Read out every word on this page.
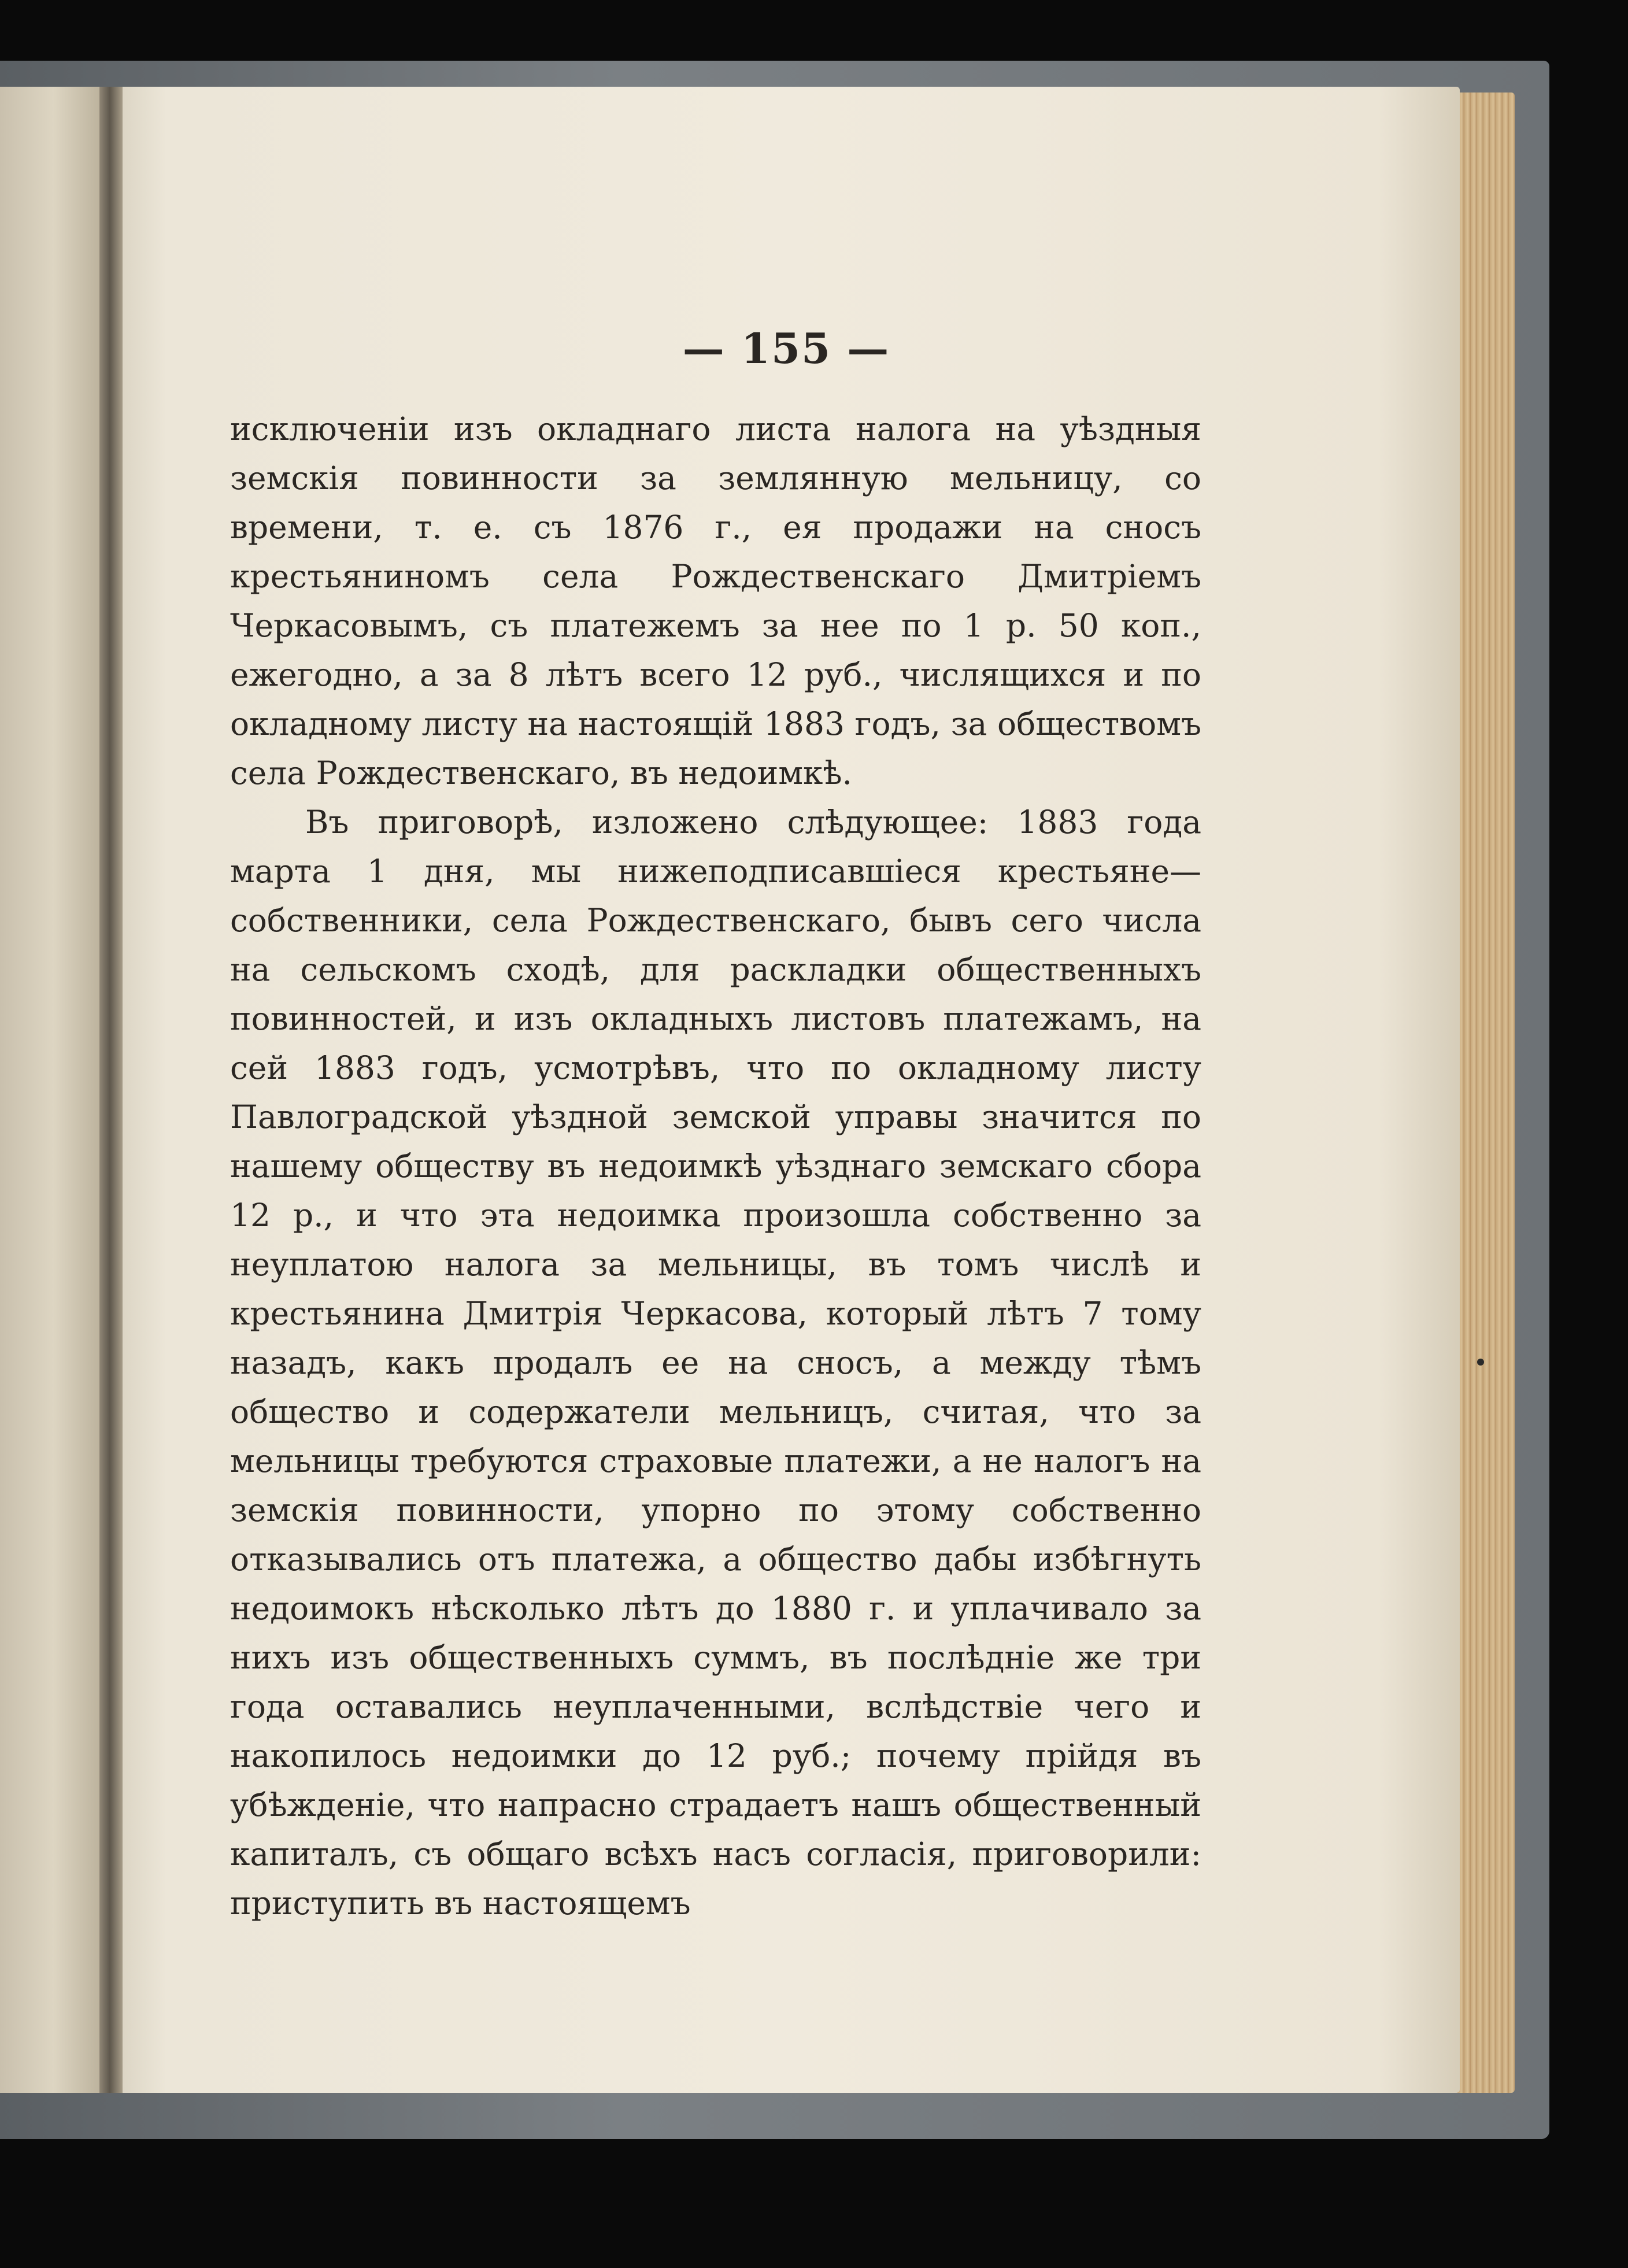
— 155 —

исключеніи изъ окладнаго листа налога на уѣздныя земскія повинности за землянную мельницу, со времени, т. е. съ 1876 г., ея продажи на сносъ крестьяниномъ села Рождественскаго Дмитріемъ Черкасовымъ, съ платежемъ за нее по 1 р. 50 коп., ежегодно, а за 8 лѣтъ всего 12 руб., числящихся и по окладному листу на настоящій 1883 годъ, за обществомъ села Рождественскаго, въ недоимкѣ.

Въ приговорѣ, изложено слѣдующее: 1883 года марта 1 дня, мы нижеподписавшіеся крестьяне—собственники, села Рождественскаго, бывъ сего числа на сельскомъ сходѣ, для раскладки общественныхъ повинностей, и изъ окладныхъ листовъ платежамъ, на сей 1883 годъ, усмотрѣвъ, что по окладному листу Павлоградской уѣздной земской управы значится по нашему обществу въ недоимкѣ уѣзднаго земскаго сбора 12 р., и что эта недоимка произошла собственно за неуплатою налога за мельницы, въ томъ числѣ и крестьянина Дмитрія Черкасова, который лѣтъ 7 тому назадъ, какъ продалъ ее на сносъ, а между тѣмъ общество и содержатели мельницъ, считая, что за мельницы требуются страховые платежи, а не налогъ на земскія повинности, упорно по этому собственно отказывались отъ платежа, а общество дабы избѣгнуть недоимокъ нѣсколько лѣтъ до 1880 г. и уплачивало за нихъ изъ общественныхъ суммъ, въ послѣдніе же три года оставались неуплаченными, вслѣдствіе чего и накопилось недоимки до 12 руб.; почему прійдя въ убѣжденіе, что напрасно страдаетъ нашъ общественный капиталъ, съ общаго всѣхъ насъ согласія, приговорили: приступить въ настоящемъ
